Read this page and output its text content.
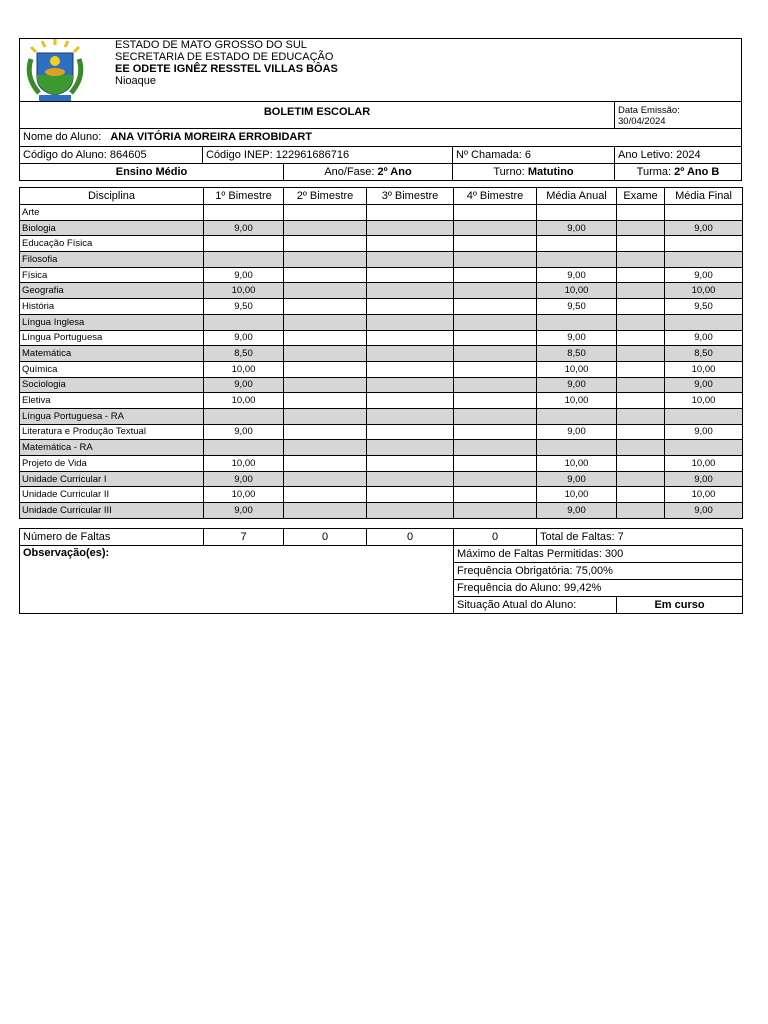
ESTADO DE MATO GROSSO DO SUL
SECRETARIA DE ESTADO DE EDUCAÇÃO
EE ODETE IGNÊZ RESSTEL VILLAS BÔAS
Nioaque
BOLETIM ESCOLAR	Data Emissão:
30/04/2024
Nome do Aluno: ANA VITÓRIA MOREIRA ERROBIDART
Código do Aluno: 864605	Código INEP: 122961686716	Nº Chamada: 6	Ano Letivo: 2024
Ensino Médio	Ano/Fase: 2º Ano	Turno: Matutino	Turma: 2º Ano B
Disciplina	1º Bimestre	2º Bimestre	3º Bimestre	4º Bimestre	Média Anual	Exame	Média Final
Arte							
Biologia	9,00				9,00		9,00
Educação Física							
Filosofia							
Física	9,00				9,00		9,00
Geografia	10,00				10,00		10,00
História	9,50				9,50		9,50
Língua Inglesa							
Língua Portuguesa	9,00				9,00		9,00
Matemática	8,50				8,50		8,50
Química	10,00				10,00		10,00
Sociologia	9,00				9,00		9,00
Eletiva	10,00				10,00		10,00
Língua Portuguesa - RA							
Literatura e Produção Textual	9,00				9,00		9,00
Matemática - RA							
Projeto de Vida	10,00				10,00		10,00
Unidade Curricular I	9,00				9,00		9,00
Unidade Curricular II	10,00				10,00		10,00
Unidade Curricular III	9,00				9,00		9,00
Número de Faltas	7	0	0	0	Total de Faltas: 7	
Observação(es):				Máximo de Faltas Permitidas: 300		
				Frequência Obrigatória: 75,00%		
				Frequência do Aluno: 99,42%		
				Situação Atual do Aluno:		Em curso
